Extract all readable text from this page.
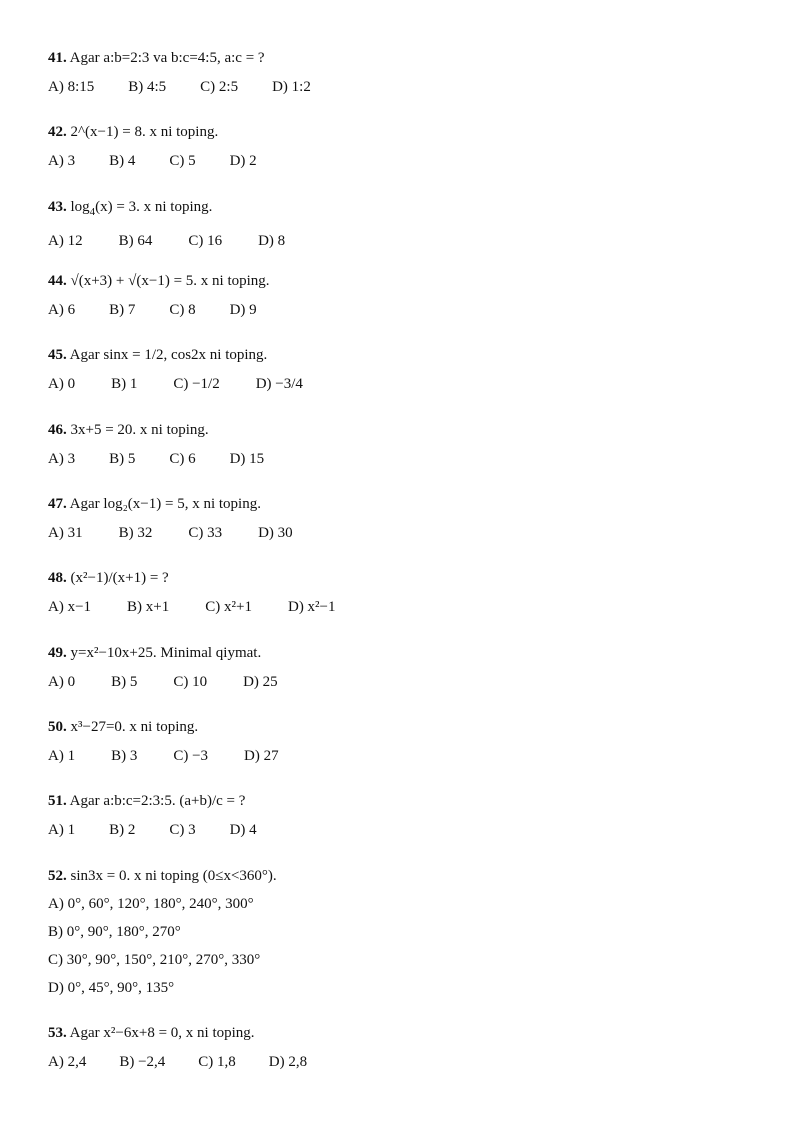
41. Agar a:b=2:3 va b:c=4:5, a:c = ?
A) 8:15 B) 4:5 C) 2:5 D) 1:2
42. 2^(x−1) = 8. x ni toping.
A) 3 B) 4 C) 5 D) 2
43. $\log_4(x) = 3$. x ni toping.
A) 12 B) 64 C) 16 D) 8
44. √(x+3) + √(x−1) = 5. x ni toping.
A) 6 B) 7 C) 8 D) 9
45. Agar sinx = 1/2, cos2x ni toping.
A) 0 B) 1 C) −1/2 D) −3/4
46. 3x+5 = 20. x ni toping.
A) 3 B) 5 C) 6 D) 15
47. Agar log₂(x−1) = 5, x ni toping.
A) 31 B) 32 C) 33 D) 30
48. (x²−1)/(x+1) = ?
A) x−1 B) x+1 C) x²+1 D) x²−1
49. y=x²−10x+25. Minimal qiymat.
A) 0 B) 5 C) 10 D) 25
50. x³−27=0. x ni toping.
A) 1 B) 3 C) −3 D) 27
51. Agar a:b:c=2:3:5. (a+b)/c = ?
A) 1 B) 2 C) 3 D) 4
52. sin3x = 0. x ni toping (0≤x<360°).
A) 0°, 60°, 120°, 180°, 240°, 300°
B) 0°, 90°, 180°, 270°
C) 30°, 90°, 150°, 210°, 270°, 330°
D) 0°, 45°, 90°, 135°
53. Agar x²−6x+8 = 0, x ni toping.
A) 2,4 B) −2,4 C) 1,8 D) 2,8
